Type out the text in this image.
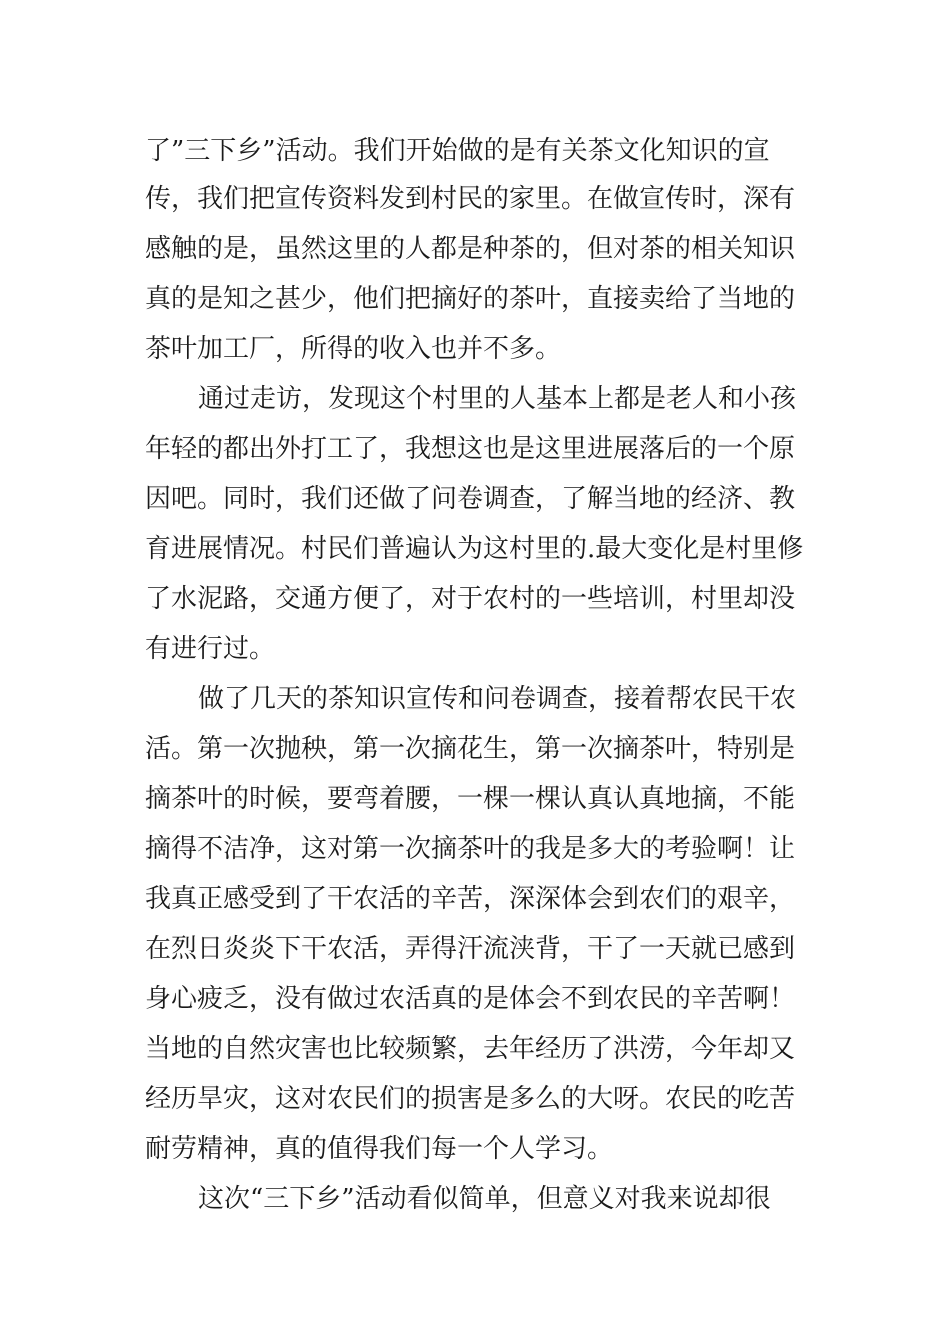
了”三下乡”活动。我们开始做的是有关茶文化知识的宣
传，我们把宣传资料发到村民的家里。在做宣传时，深有
感触的是，虽然这里的人都是种茶的，但对茶的相关知识
真的是知之甚少，他们把摘好的茶叶，直接卖给了当地的
茶叶加工厂，所得的收入也并不多。
通过走访，发现这个村里的人基本上都是老人和小孩
年轻的都出外打工了，我想这也是这里进展落后的一个原
因吧。同时，我们还做了问卷调查，了解当地的经济、教
育进展情况。村民们普遍认为这村里的.最大变化是村里修
了水泥路，交通方便了，对于农村的一些培训，村里却没
有进行过。
做了几天的茶知识宣传和问卷调查，接着帮农民干农
活。第一次抛秧，第一次摘花生，第一次摘茶叶，特别是
摘茶叶的时候，要弯着腰，一棵一棵认真认真地摘，不能
摘得不洁净，这对第一次摘茶叶的我是多大的考验啊！让
我真正感受到了干农活的辛苦，深深体会到农们的艰辛，
在烈日炎炎下干农活，弄得汗流浃背，干了一天就已感到
身心疲乏，没有做过农活真的是体会不到农民的辛苦啊！
当地的自然灾害也比较频繁，去年经历了洪涝，今年却又
经历旱灾，这对农民们的损害是多么的大呀。农民的吃苦
耐劳精神，真的值得我们每一个人学习。
这次“三下乡”活动看似简单，但意义对我来说却很
